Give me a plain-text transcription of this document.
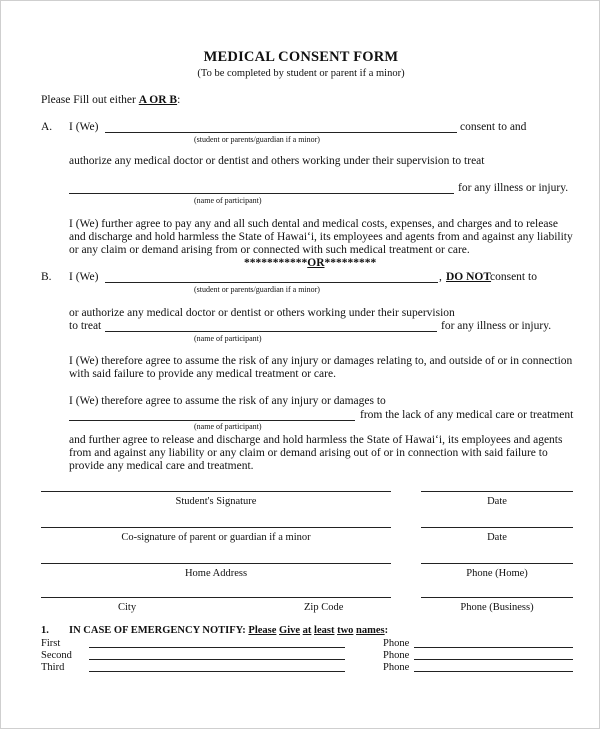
MEDICAL CONSENT FORM
(To be completed by student or parent if a minor)
Please Fill out either A OR B:
A. I (We)	consent to and
(student or parents/guardian if a minor)
authorize any medical doctor or dentist and others working under their supervision to treat
for any illness or injury.
(name of participant)
I (We) further agree to pay any and all such dental and medical costs, expenses, and charges and to release
and discharge and hold harmless the State of Hawai‘i, its employees and agents from and against any liability
or any claim or demand arising from or connected with such medical treatment or care.
***********OR*********
B. I (We)	, DO NOT
consent to
(student or parents/guardian if a minor)
or authorize any medical doctor or dentist or others working under their supervision
to treat	for any illness or injury.
(name of participant)
I (We) therefore agree to assume the risk of any injury or damages relating to, and outside of or in connection
with said failure to provide any medical treatment or care.
I (We) therefore agree to assume the risk of any injury or damages to
from the lack of any medical care or treatment
(name of participant)
and further agree to release and discharge and hold harmless the State of Hawai‘i, its employees and agents
from and against any liability or any claim or demand arising out of or in connection with said failure to
provide any medical care and treatment.
Student's Signature	Date
Co-signature of parent or guardian if a minor	Date
Home Address	Phone (Home)
City	Zip Code	Phone (Business)
1. IN CASE OF EMERGENCY NOTIFY: Please Give at least two names:
First	Phone
Second	Phone
Third	Phone
